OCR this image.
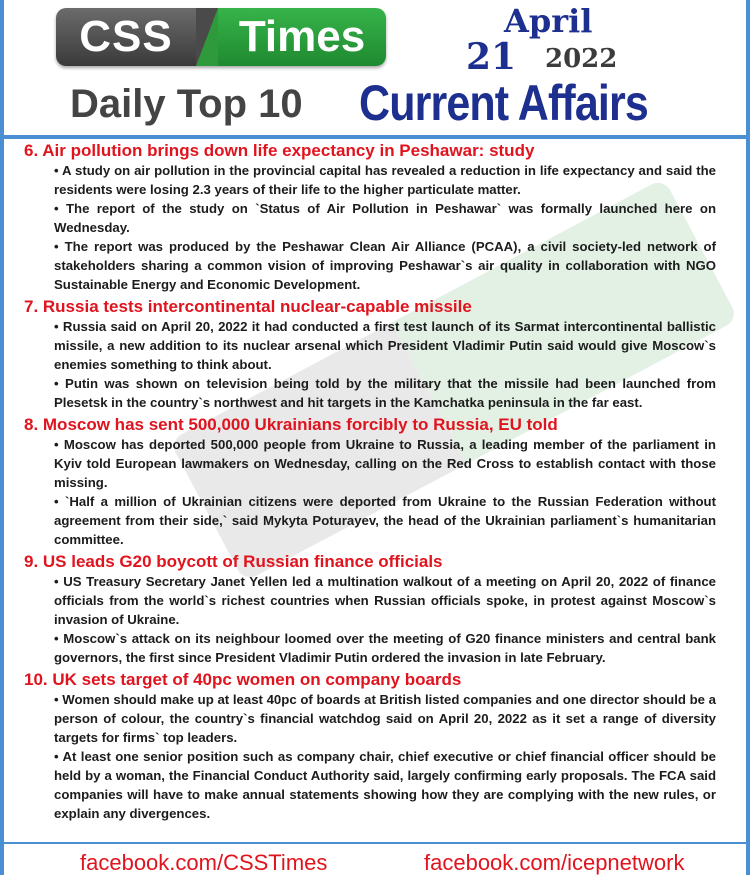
CSS	Times	April
21 2022
Daily Top 10 Current Affairs

6. Air pollution brings down life expectancy in Peshawar: study

• A study on air pollution in the provincial capital has revealed a reduction in life expectancy and said the residents were losing 2.3 years of their life to the higher particulate matter.

• The report of the study on `Status of Air Pollution in Peshawar` was formally launched here on Wednesday.

• The report was produced by the Peshawar Clean Air Alliance (PCAA), a civil society-led network of stakeholders sharing a common vision of improving Peshawar`s air quality in collaboration with NGO Sustainable Energy and Economic Development.

7. Russia tests intercontinental nuclear-capable missile

• Russia said on April 20, 2022 it had conducted a first test launch of its Sarmat intercontinental ballistic missile, a new addition to its nuclear arsenal which President Vladimir Putin said would give Moscow`s enemies something to think about.

• Putin was shown on television being told by the military that the missile had been launched from Plesetsk in the country`s northwest and hit targets in the Kamchatka peninsula in the far east.

8. Moscow has sent 500,000 Ukrainians forcibly to Russia, EU told

• Moscow has deported 500,000 people from Ukraine to Russia, a leading member of the parliament in Kyiv told European lawmakers on Wednesday, calling on the Red Cross to establish contact with those missing.

• `Half a million of Ukrainian citizens were deported from Ukraine to the Russian Federation without agreement from their side,` said Mykyta Poturayev, the head of the Ukrainian parliament`s humanitarian committee.

9. US leads G20 boycott of Russian finance officials

• US Treasury Secretary Janet Yellen led a multination walkout of a meeting on April 20, 2022 of finance officials from the world`s richest countries when Russian officials spoke, in protest against Moscow`s invasion of Ukraine.

• Moscow`s attack on its neighbour loomed over the meeting of G20 finance ministers and central bank governors, the first since President Vladimir Putin ordered the invasion in late February.

10. UK sets target of 40pc women on company boards

• Women should make up at least 40pc of boards at British listed companies and one director should be a person of colour, the country`s financial watchdog said on April 20, 2022 as it set a range of diversity targets for firms` top leaders.

• At least one senior position such as company chair, chief executive or chief financial officer should be held by a woman, the Financial Conduct Authority said, largely confirming early proposals. The FCA said companies will have to make annual statements showing how they are complying with the new rules, or explain any divergences.

facebook.com/CSSTimes	facebook.com/icepnetwork
